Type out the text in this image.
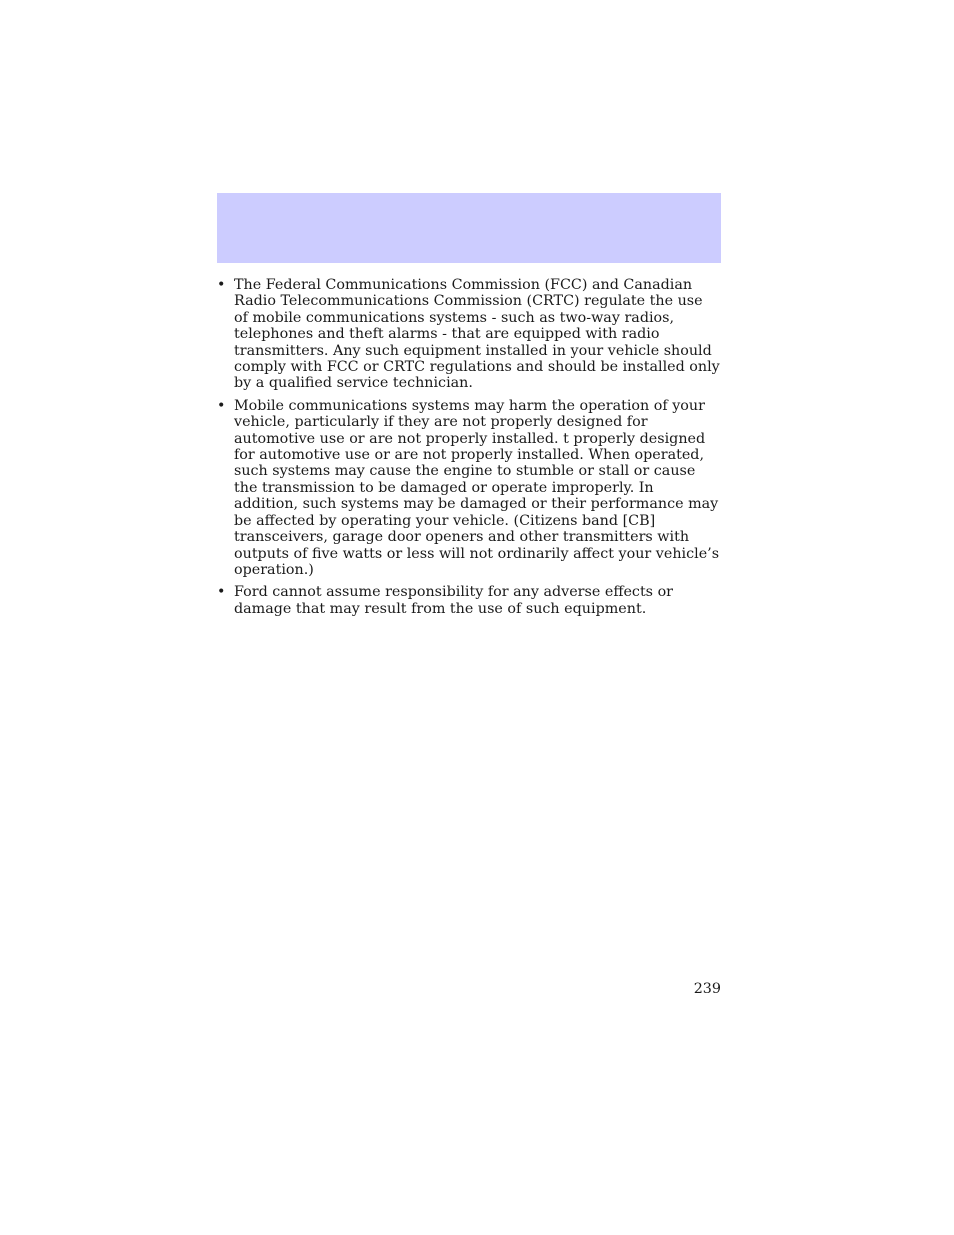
• The Federal Communications Commission (FCC) and Canadian Radio Telecommunications Commission (CRTC) regulate the use of mobile communications systems - such as two-way radios, telephones and theft alarms - that are equipped with radio transmitters. Any such equipment installed in your vehicle should comply with FCC or CRTC regulations and should be installed only by a qualified service technician.
• Mobile communications systems may harm the operation of your vehicle, particularly if they are not properly designed for automotive use or are not properly installed. t properly designed for automotive use or are not properly installed. When operated, such systems may cause the engine to stumble or stall or cause the transmission to be damaged or operate improperly. In addition, such systems may be damaged or their performance may be affected by operating your vehicle. (Citizens band [CB] transceivers, garage door openers and other transmitters with outputs of five watts or less will not ordinarily affect your vehicle’s operation.)
• Ford cannot assume responsibility for any adverse effects or damage that may result from the use of such equipment.
239
